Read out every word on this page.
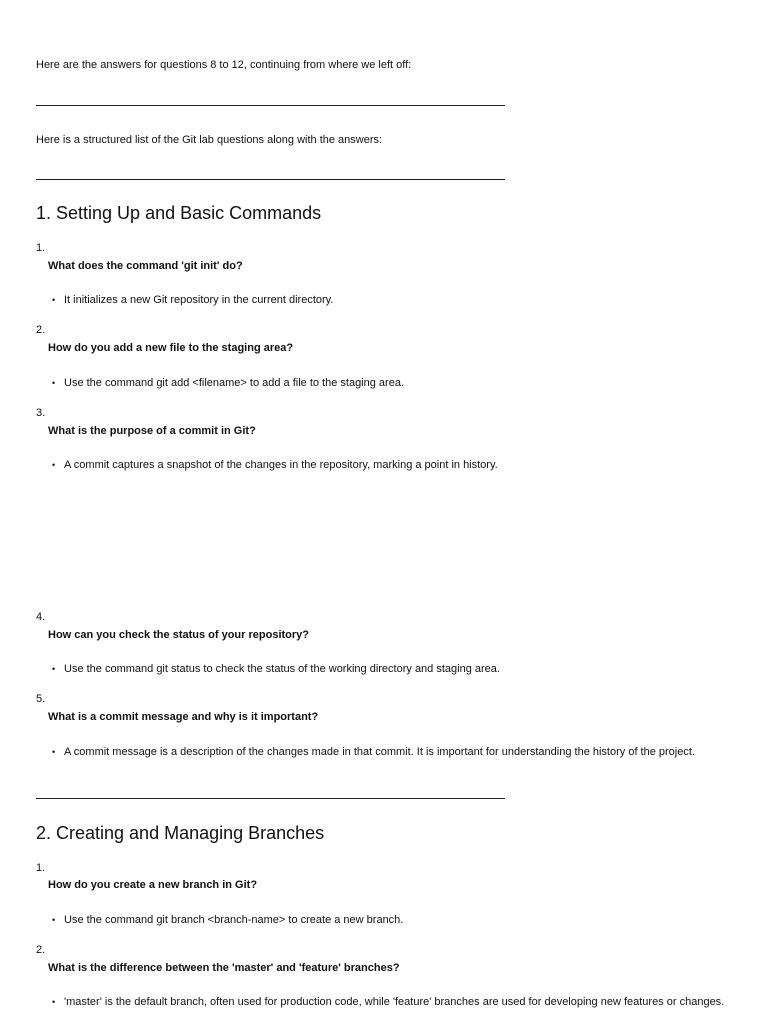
Here are the answers for questions 8 to 12, continuing from where we left off:

Here is a structured list of the Git lab questions along with the answers:

1. Setting Up and Basic Commands
1.
What does the command 'git init' do?
• It initializes a new Git repository in the current directory.
2.
How do you add a new file to the staging area?
• Use the command git add <filename> to add a file to the staging area.
3.
What is the purpose of a commit in Git?
• A commit captures a snapshot of the changes in the repository, marking a point in history.
4.
How can you check the status of your repository?
• Use the command git status to check the status of the working directory and staging area.
5.
What is a commit message and why is it important?
• A commit message is a description of the changes made in that commit. It is important for understanding the history of the project.
2. Creating and Managing Branches
1.
How do you create a new branch in Git?
• Use the command git branch <branch-name> to create a new branch.
2.
What is the difference between the 'master' and 'feature' branches?
• 'master' is the default branch, often used for production code, while 'feature' branches are used for developing new features or changes.
